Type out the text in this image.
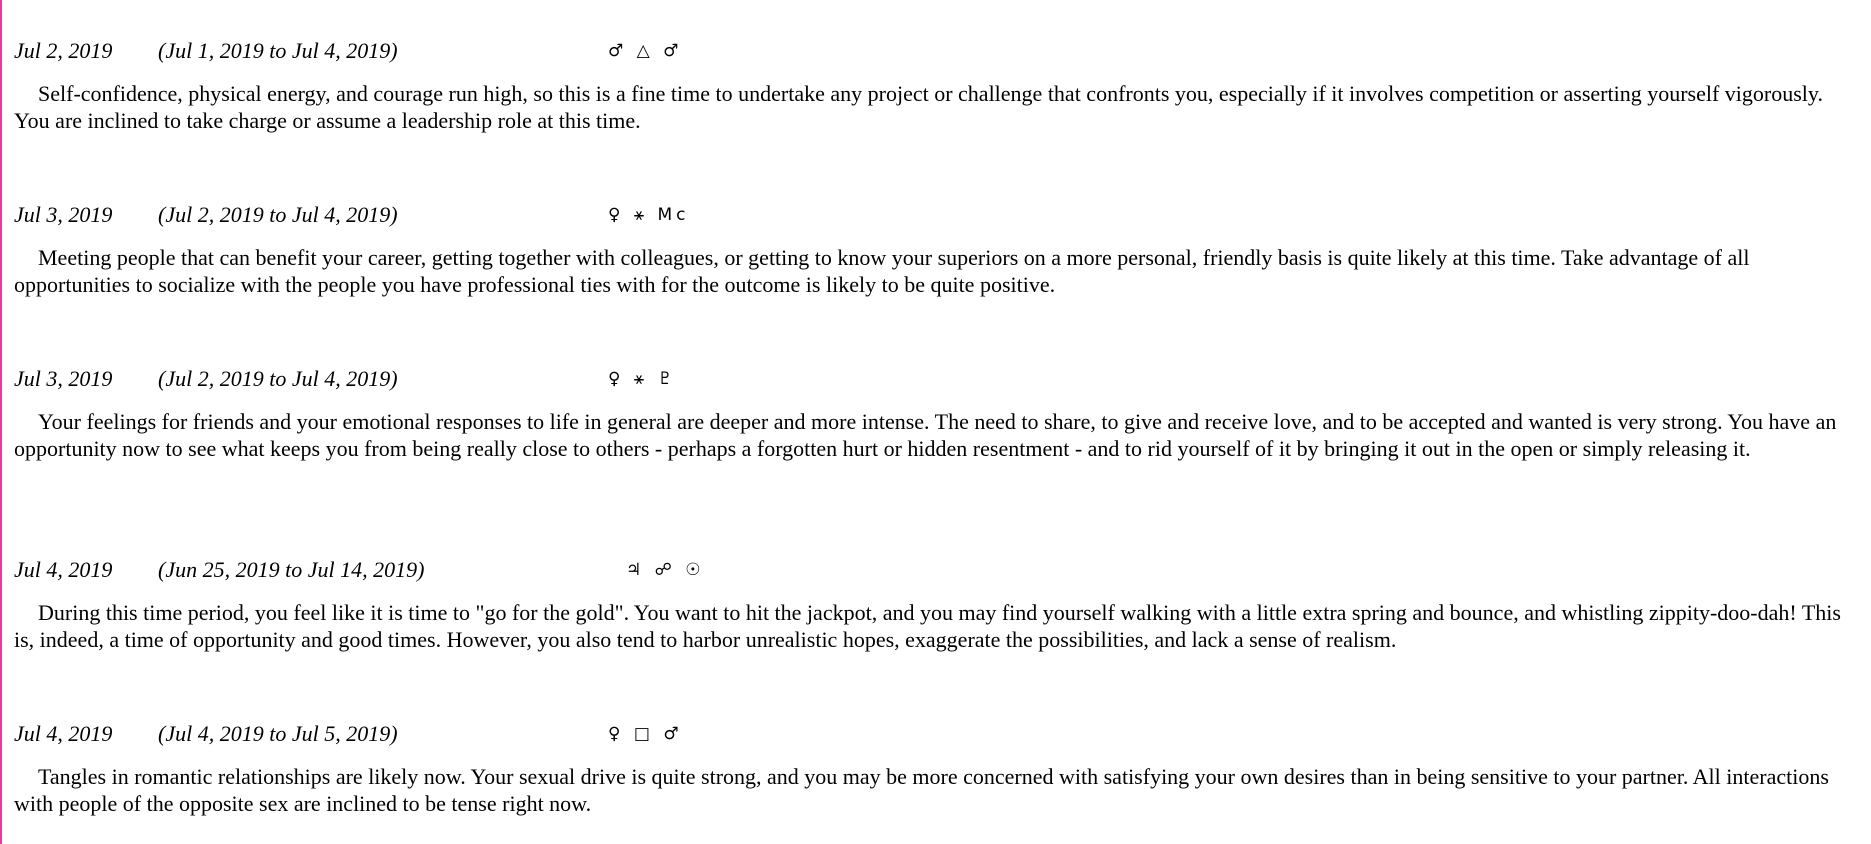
Jul 2, 2019 (Jul 1, 2019 to Jul 4, 2019)	♂ △ ♂

Self-confidence, physical energy, and courage run high, so this is a fine time to undertake any project or challenge that confronts you, especially if it involves competition or asserting yourself vigorously. You are inclined to take charge or assume a leadership role at this time.

Jul 3, 2019 (Jul 2, 2019 to Jul 4, 2019)	♀ ⚹ Mc

Meeting people that can benefit your career, getting together with colleagues, or getting to know your superiors on a more personal, friendly basis is quite likely at this time. Take advantage of all opportunities to socialize with the people you have professional ties with for the outcome is likely to be quite positive.

Jul 3, 2019 (Jul 2, 2019 to Jul 4, 2019)	♀ ⚹ ♇

Your feelings for friends and your emotional responses to life in general are deeper and more intense. The need to share, to give and receive love, and to be accepted and wanted is very strong. You have an opportunity now to see what keeps you from being really close to others - perhaps a forgotten hurt or hidden resentment - and to rid yourself of it by bringing it out in the open or simply releasing it.

Jul 4, 2019 (Jun 25, 2019 to Jul 14, 2019)	♃ ☍ ☉

During this time period, you feel like it is time to "go for the gold". You want to hit the jackpot, and you may find yourself walking with a little extra spring and bounce, and whistling zippity-doo-dah! This is, indeed, a time of opportunity and good times. However, you also tend to harbor unrealistic hopes, exaggerate the possibilities, and lack a sense of realism.

Jul 4, 2019 (Jul 4, 2019 to Jul 5, 2019)	♀ □ ♂

Tangles in romantic relationships are likely now. Your sexual drive is quite strong, and you may be more concerned with satisfying your own desires than in being sensitive to your partner. All interactions with people of the opposite sex are inclined to be tense right now.
